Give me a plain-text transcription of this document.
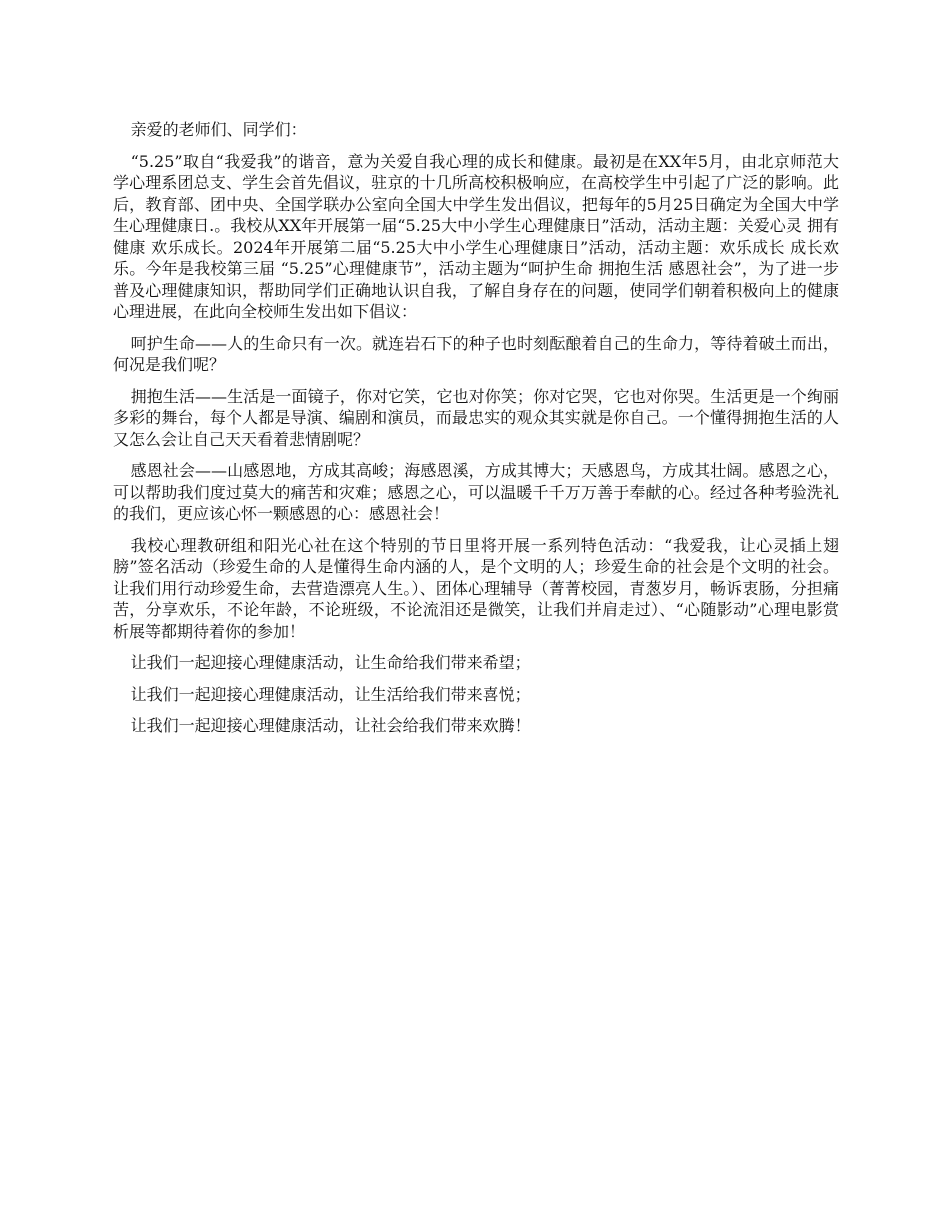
亲爱的老师们、同学们：

“5.25”取自“我爱我”的谐音，意为关爱自我心理的成长和健康。最初是在XX年5月，由北京师范大学心理系团总支、学生会首先倡议，驻京的十几所高校积极响应，在高校学生中引起了广泛的影响。此后，教育部、团中央、全国学联办公室向全国大中学生发出倡议，把每年的5月25日确定为全国大中学生心理健康日.。我校从XX年开展第一届“5.25大中小学生心理健康日”活动，活动主题：关爱心灵 拥有健康 欢乐成长。2024年开展第二届“5.25大中小学生心理健康日”活动，活动主题：欢乐成长 成长欢乐。今年是我校第三届 “5.25”心理健康节”，活动主题为“呵护生命 拥抱生活 感恩社会”，为了进一步普及心理健康知识，帮助同学们正确地认识自我，了解自身存在的问题，使同学们朝着积极向上的健康心理进展，在此向全校师生发出如下倡议：

呵护生命——人的生命只有一次。就连岩石下的种子也时刻酝酿着自己的生命力，等待着破土而出，何况是我们呢？

拥抱生活——生活是一面镜子，你对它笑，它也对你笑；你对它哭，它也对你哭。生活更是一个绚丽多彩的舞台，每个人都是导演、编剧和演员，而最忠实的观众其实就是你自己。一个懂得拥抱生活的人又怎么会让自己天天看着悲情剧呢？

感恩社会——山感恩地，方成其高峻；海感恩溪，方成其博大；天感恩鸟，方成其壮阔。感恩之心，可以帮助我们度过莫大的痛苦和灾难；感恩之心，可以温暖千千万万善于奉献的心。经过各种考验洗礼的我们，更应该心怀一颗感恩的心：感恩社会！

我校心理教研组和阳光心社在这个特别的节日里将开展一系列特色活动：“我爱我，让心灵插上翅膀”签名活动（珍爱生命的人是懂得生命内涵的人，是个文明的人；珍爱生命的社会是个文明的社会。让我们用行动珍爱生命，去营造漂亮人生。）、团体心理辅导（菁菁校园，青葱岁月，畅诉衷肠，分担痛苦，分享欢乐，不论年龄，不论班级，不论流泪还是微笑，让我们并肩走过）、“心随影动”心理电影赏析展等都期待着你的参加！

让我们一起迎接心理健康活动，让生命给我们带来希望；

让我们一起迎接心理健康活动，让生活给我们带来喜悦；

让我们一起迎接心理健康活动，让社会给我们带来欢腾！
